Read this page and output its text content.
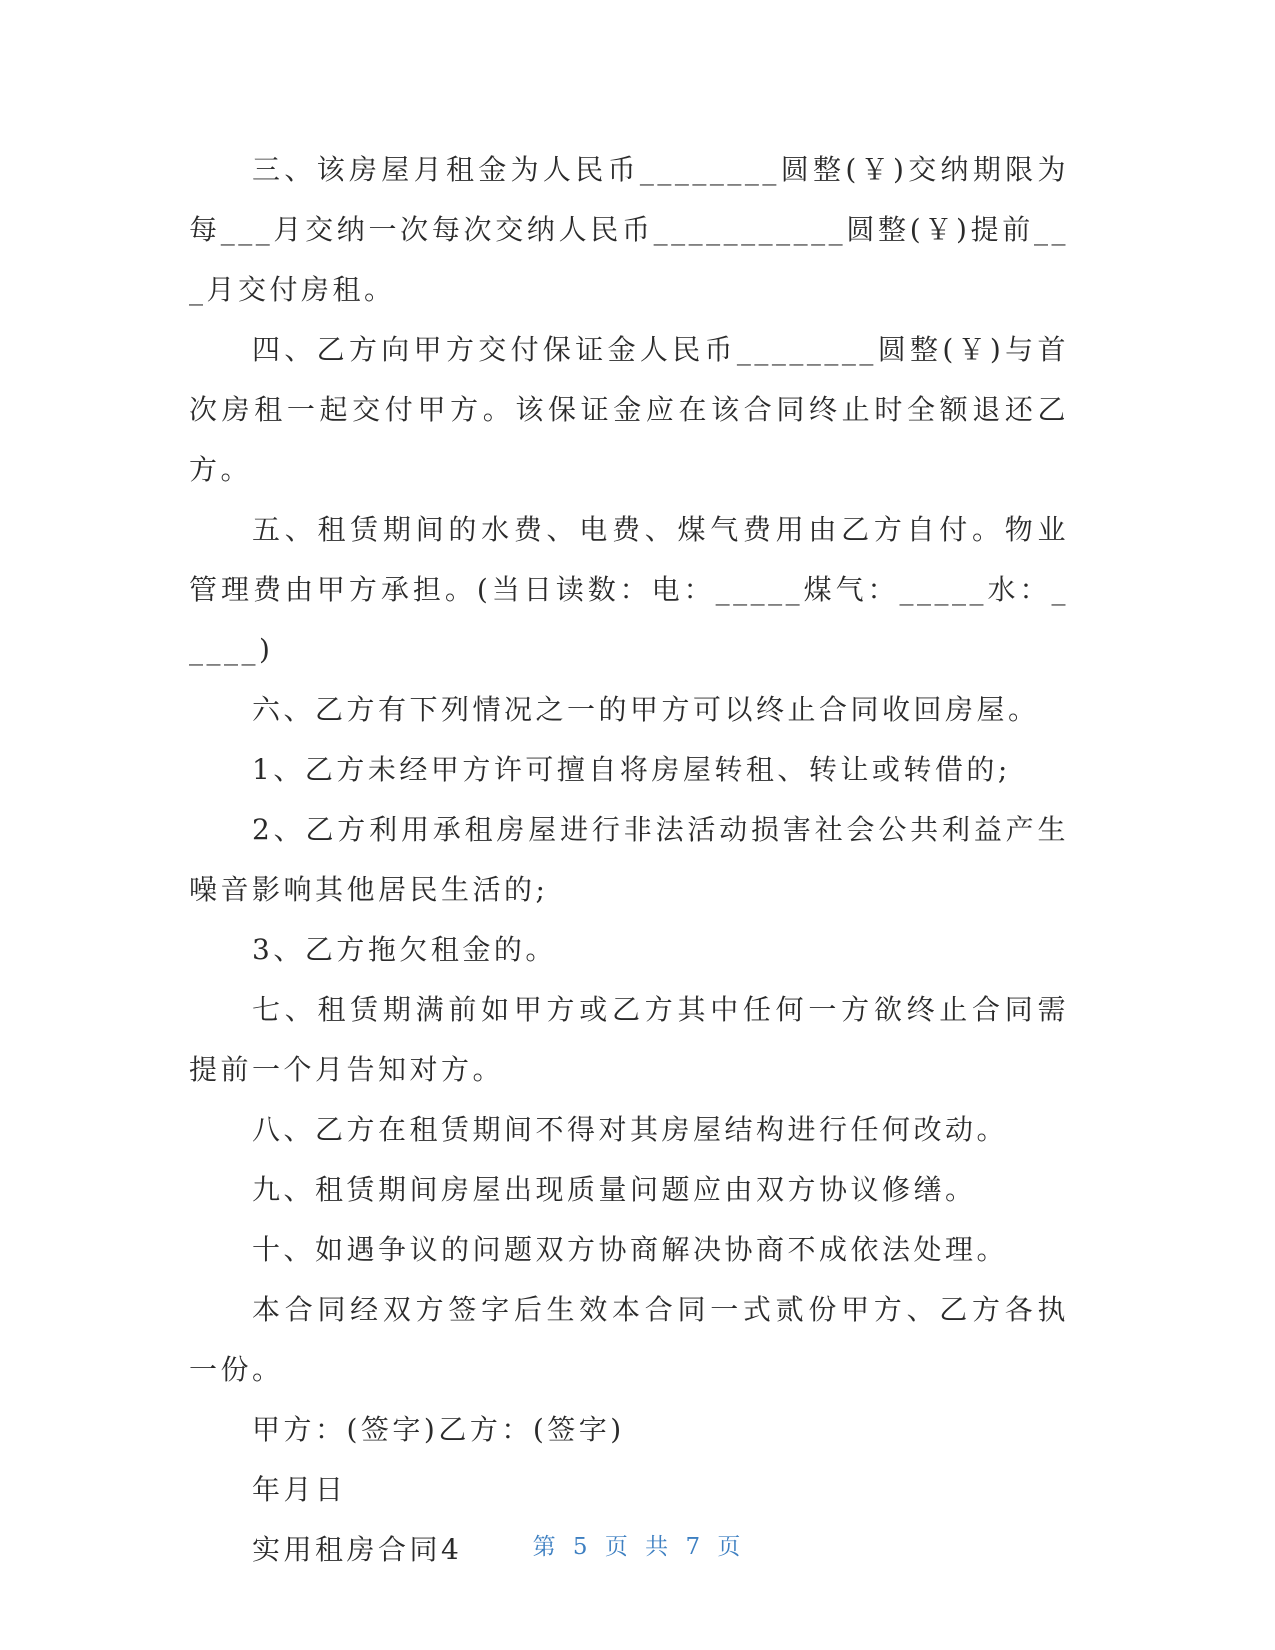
三、该房屋月租金为人民币________圆整(￥)交纳期限为每___月交纳一次每次交纳人民币___________圆整(￥)提前___月交付房租。

四、乙方向甲方交付保证金人民币________圆整(￥)与首次房租一起交付甲方。该保证金应在该合同终止时全额退还乙方。

五、租赁期间的水费、电费、煤气费用由乙方自付。物业管理费由甲方承担。(当日读数：电：_____煤气：_____水：_____)

六、乙方有下列情况之一的甲方可以终止合同收回房屋。

1、乙方未经甲方许可擅自将房屋转租、转让或转借的;

2、乙方利用承租房屋进行非法活动损害社会公共利益产生噪音影响其他居民生活的;

3、乙方拖欠租金的。

七、租赁期满前如甲方或乙方其中任何一方欲终止合同需提前一个月告知对方。

八、乙方在租赁期间不得对其房屋结构进行任何改动。

九、租赁期间房屋出现质量问题应由双方协议修缮。

十、如遇争议的问题双方协商解决协商不成依法处理。

本合同经双方签字后生效本合同一式贰份甲方、乙方各执一份。

甲方：(签字)乙方：(签字)

年月日

实用租房合同4	第 5 页 共 7 页
